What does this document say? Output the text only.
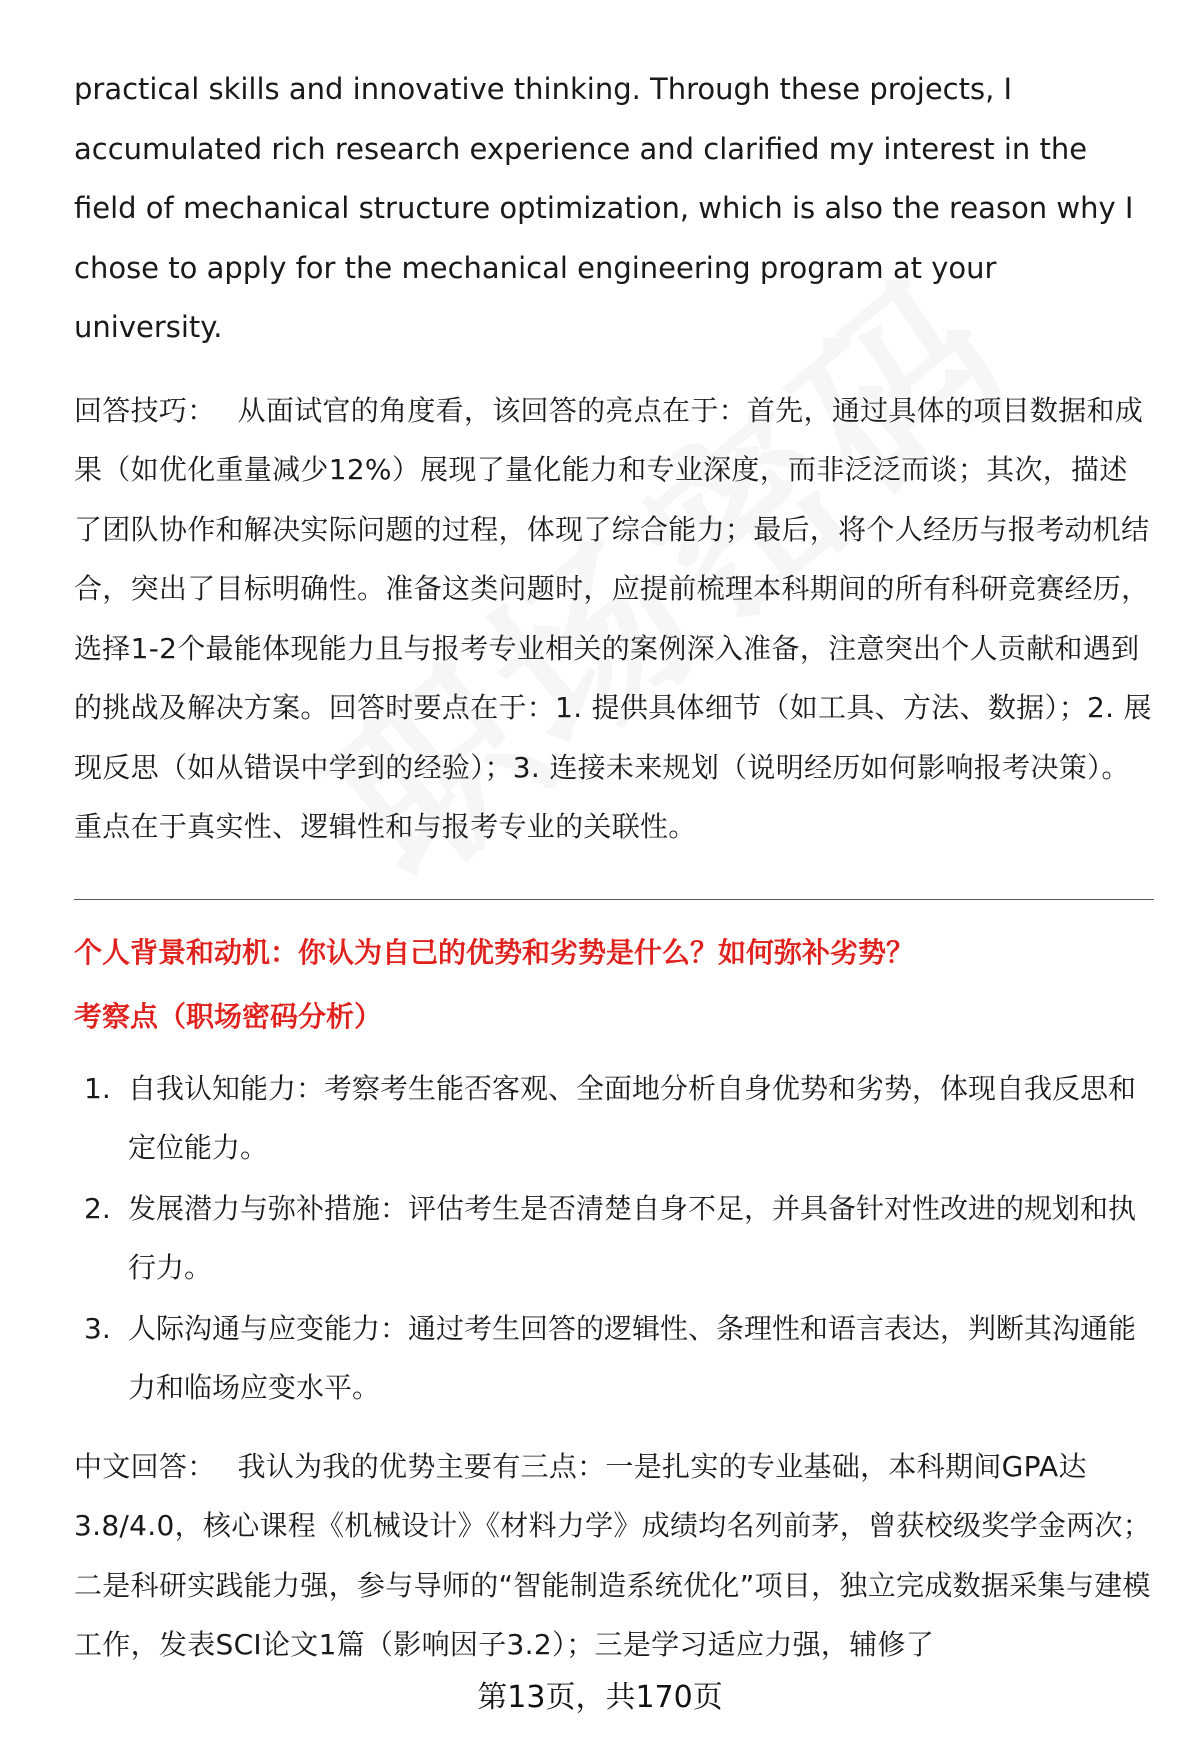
practical skills and innovative thinking. Through these projects, I accumulated rich research experience and clarified my interest in the field of mechanical structure optimization, which is also the reason why I chose to apply for the mechanical engineering program at your university.

回答技巧： 从面试官的角度看，该回答的亮点在于：首先，通过具体的项目数据和成果（如优化重量减少12%）展现了量化能力和专业深度，而非泛泛而谈；其次，描述了团队协作和解决实际问题的过程，体现了综合能力；最后，将个人经历与报考动机结合，突出了目标明确性。准备这类问题时，应提前梳理本科期间的所有科研竞赛经历，选择1-2个最能体现能力且与报考专业相关的案例深入准备，注意突出个人贡献和遇到的挑战及解决方案。回答时要点在于：1. 提供具体细节（如工具、方法、数据）；2. 展现反思（如从错误中学到的经验）；3. 连接未来规划（说明经历如何影响报考决策）。重点在于真实性、逻辑性和与报考专业的关联性。

个人背景和动机：你认为自己的优势和劣势是什么？如何弥补劣势？

考察点（职场密码分析）

1. 自我认知能力：考察考生能否客观、全面地分析自身优势和劣势，体现自我反思和定位能力。
2. 发展潜力与弥补措施：评估考生是否清楚自身不足，并具备针对性改进的规划和执行力。
3. 人际沟通与应变能力：通过考生回答的逻辑性、条理性和语言表达，判断其沟通能力和临场应变水平。

中文回答： 我认为我的优势主要有三点：一是扎实的专业基础，本科期间GPA达3.8/4.0，核心课程《机械设计》《材料力学》成绩均名列前茅，曾获校级奖学金两次；二是科研实践能力强，参与导师的“智能制造系统优化”项目，独立完成数据采集与建模工作，发表SCI论文1篇（影响因子3.2）；三是学习适应力强，辅修了

第13页，共170页
